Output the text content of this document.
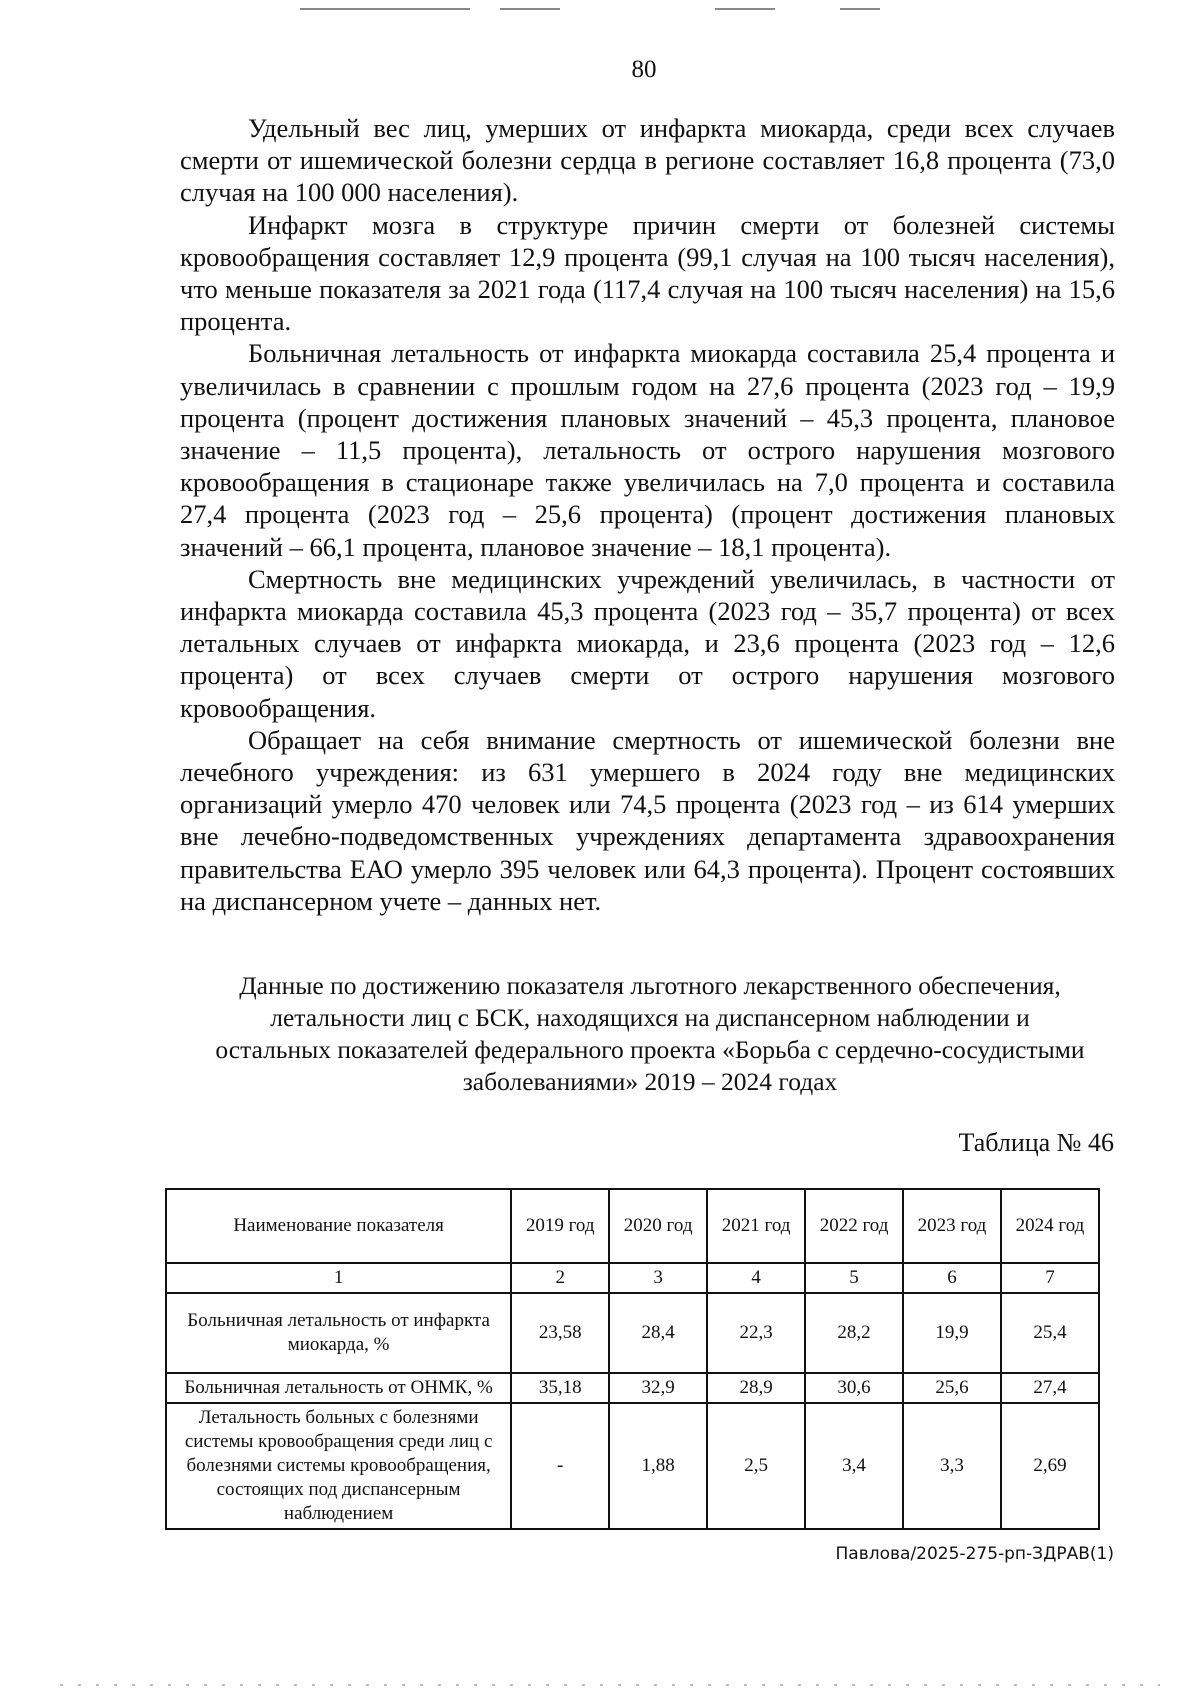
80

Удельный вес лиц, умерших от инфаркта миокарда, среди всех случаев смерти от ишемической болезни сердца в регионе составляет 16,8 процента (73,0 случая на 100 000 населения).

Инфаркт мозга в структуре причин смерти от болезней системы кровообращения составляет 12,9 процента (99,1 случая на 100 тысяч населения), что меньше показателя за 2021 года (117,4 случая на 100 тысяч населения) на 15,6 процента.

Больничная летальность от инфаркта миокарда составила 25,4 процента и увеличилась в сравнении с прошлым годом на 27,6 процента (2023 год – 19,9 процента (процент достижения плановых значений – 45,3 процента, плановое значение – 11,5 процента), летальность от острого нарушения мозгового кровообращения в стационаре также увеличилась на 7,0 процента и составила 27,4 процента (2023 год – 25,6 процента) (процент достижения плановых значений – 66,1 процента, плановое значение – 18,1 процента).

Смертность вне медицинских учреждений увеличилась, в частности от инфаркта миокарда составила 45,3 процента (2023 год – 35,7 процента) от всех летальных случаев от инфаркта миокарда, и 23,6 процента (2023 год – 12,6 процента) от всех случаев смерти от острого нарушения мозгового кровообращения.

Обращает на себя внимание смертность от ишемической болезни вне лечебного учреждения: из 631 умершего в 2024 году вне медицинских организаций умерло 470 человек или 74,5 процента (2023 год – из 614 умерших вне лечебно-подведомственных учреждениях департамента здравоохранения правительства ЕАО умерло 395 человек или 64,3 процента). Процент состоявших на диспансерном учете – данных нет.

Данные по достижению показателя льготного лекарственного обеспечения, летальности лиц с БСК, находящихся на диспансерном наблюдении и остальных показателей федерального проекта «Борьба с сердечно-сосудистыми заболеваниями» 2019 – 2024 годах
Таблица № 46
Наименование показателя	2019 год	2020 год	2021 год	2022 год	2023 год	2024 год
1	2	3	4	5	6	7
Больничная летальность от инфаркта миокарда, %	23,58	28,4	22,3	28,2	19,9	25,4
Больничная летальность от ОНМК, %	35,18	32,9	28,9	30,6	25,6	27,4
Летальность больных с болезнями системы кровообращения среди лиц с болезнями системы кровообращения, состоящих под диспансерным наблюдением	-	1,88	2,5	3,4	3,3	2,69
Павлова/2025-275-рп-ЗДРАВ(1)
